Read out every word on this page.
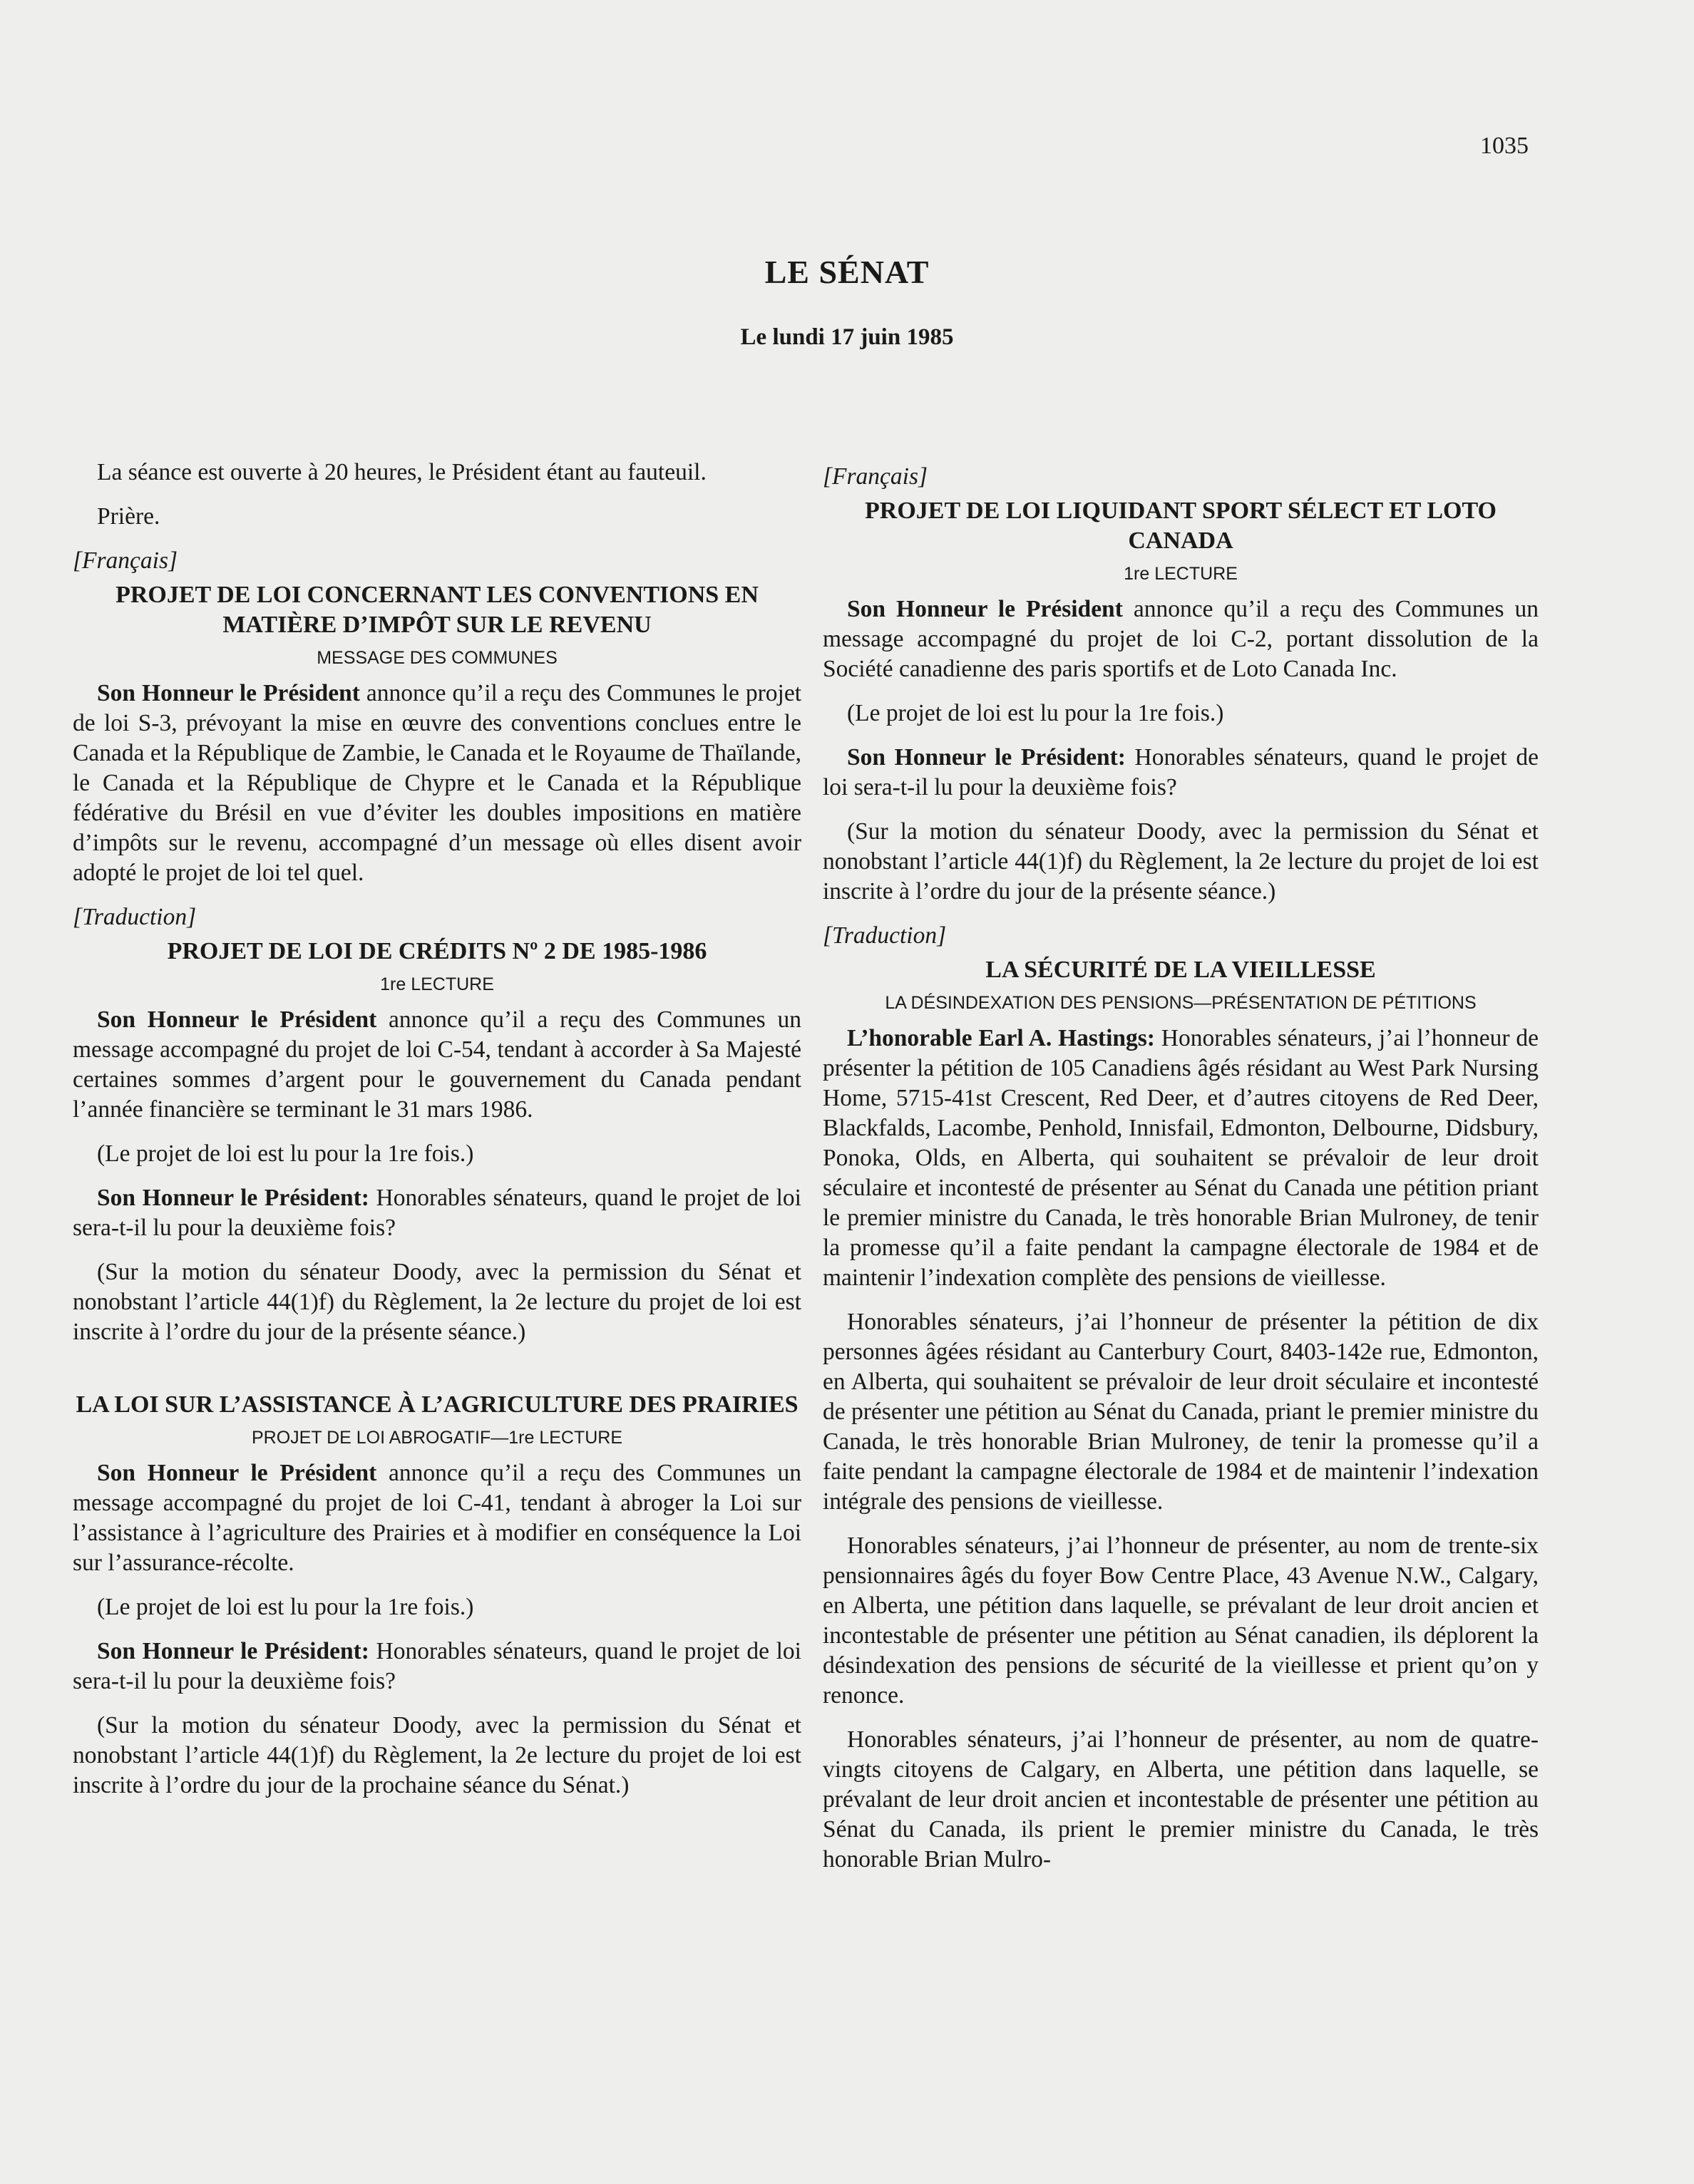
1035
LE SÉNAT
Le lundi 17 juin 1985

La séance est ouverte à 20 heures, le Président étant au fauteuil.

Prière.

[Français]
PROJET DE LOI CONCERNANT LES CONVENTIONS EN MATIÈRE D’IMPÔT SUR LE REVENU
MESSAGE DES COMMUNES

Son Honneur le Président annonce qu’il a reçu des Communes le projet de loi S-3, prévoyant la mise en œuvre des conventions conclues entre le Canada et la République de Zambie, le Canada et le Royaume de Thaïlande, le Canada et la République de Chypre et le Canada et la République fédérative du Brésil en vue d’éviter les doubles impositions en matière d’impôts sur le revenu, accompagné d’un message où elles disent avoir adopté le projet de loi tel quel.

[Traduction]
PROJET DE LOI DE CRÉDITS Nº 2 DE 1985-1986
1re LECTURE

Son Honneur le Président annonce qu’il a reçu des Communes un message accompagné du projet de loi C-54, tendant à accorder à Sa Majesté certaines sommes d’argent pour le gouvernement du Canada pendant l’année financière se terminant le 31 mars 1986.

(Le projet de loi est lu pour la 1re fois.)

Son Honneur le Président: Honorables sénateurs, quand le projet de loi sera-t-il lu pour la deuxième fois?

(Sur la motion du sénateur Doody, avec la permission du Sénat et nonobstant l’article 44(1)f) du Règlement, la 2e lecture du projet de loi est inscrite à l’ordre du jour de la présente séance.)

LA LOI SUR L’ASSISTANCE À L’AGRICULTURE DES PRAIRIES
PROJET DE LOI ABROGATIF—1re LECTURE

Son Honneur le Président annonce qu’il a reçu des Communes un message accompagné du projet de loi C-41, tendant à abroger la Loi sur l’assistance à l’agriculture des Prairies et à modifier en conséquence la Loi sur l’assurance-récolte.

(Le projet de loi est lu pour la 1re fois.)

Son Honneur le Président: Honorables sénateurs, quand le projet de loi sera-t-il lu pour la deuxième fois?

(Sur la motion du sénateur Doody, avec la permission du Sénat et nonobstant l’article 44(1)f) du Règlement, la 2e lecture du projet de loi est inscrite à l’ordre du jour de la prochaine séance du Sénat.)

[Français]
PROJET DE LOI LIQUIDANT SPORT SÉLECT ET LOTO CANADA
1re LECTURE

Son Honneur le Président annonce qu’il a reçu des Communes un message accompagné du projet de loi C-2, portant dissolution de la Société canadienne des paris sportifs et de Loto Canada Inc.

(Le projet de loi est lu pour la 1re fois.)

Son Honneur le Président: Honorables sénateurs, quand le projet de loi sera-t-il lu pour la deuxième fois?

(Sur la motion du sénateur Doody, avec la permission du Sénat et nonobstant l’article 44(1)f) du Règlement, la 2e lecture du projet de loi est inscrite à l’ordre du jour de la présente séance.)

[Traduction]
LA SÉCURITÉ DE LA VIEILLESSE
LA DÉSINDEXATION DES PENSIONS—PRÉSENTATION DE PÉTITIONS

L’honorable Earl A. Hastings: Honorables sénateurs, j’ai l’honneur de présenter la pétition de 105 Canadiens âgés résidant au West Park Nursing Home, 5715-41st Crescent, Red Deer, et d’autres citoyens de Red Deer, Blackfalds, Lacombe, Penhold, Innisfail, Edmonton, Delbourne, Didsbury, Ponoka, Olds, en Alberta, qui souhaitent se prévaloir de leur droit séculaire et incontesté de présenter au Sénat du Canada une pétition priant le premier ministre du Canada, le très honorable Brian Mulroney, de tenir la promesse qu’il a faite pendant la campagne électorale de 1984 et de maintenir l’indexation complète des pensions de vieillesse.

Honorables sénateurs, j’ai l’honneur de présenter la pétition de dix personnes âgées résidant au Canterbury Court, 8403-142e rue, Edmonton, en Alberta, qui souhaitent se prévaloir de leur droit séculaire et incontesté de présenter une pétition au Sénat du Canada, priant le premier ministre du Canada, le très honorable Brian Mulroney, de tenir la promesse qu’il a faite pendant la campagne électorale de 1984 et de maintenir l’indexation intégrale des pensions de vieillesse.

Honorables sénateurs, j’ai l’honneur de présenter, au nom de trente-six pensionnaires âgés du foyer Bow Centre Place, 43 Avenue N.W., Calgary, en Alberta, une pétition dans laquelle, se prévalant de leur droit ancien et incontestable de présenter une pétition au Sénat canadien, ils déplorent la désindexation des pensions de sécurité de la vieillesse et prient qu’on y renonce.

Honorables sénateurs, j’ai l’honneur de présenter, au nom de quatre-vingts citoyens de Calgary, en Alberta, une pétition dans laquelle, se prévalant de leur droit ancien et incontestable de présenter une pétition au Sénat du Canada, ils prient le premier ministre du Canada, le très honorable Brian Mulro-
